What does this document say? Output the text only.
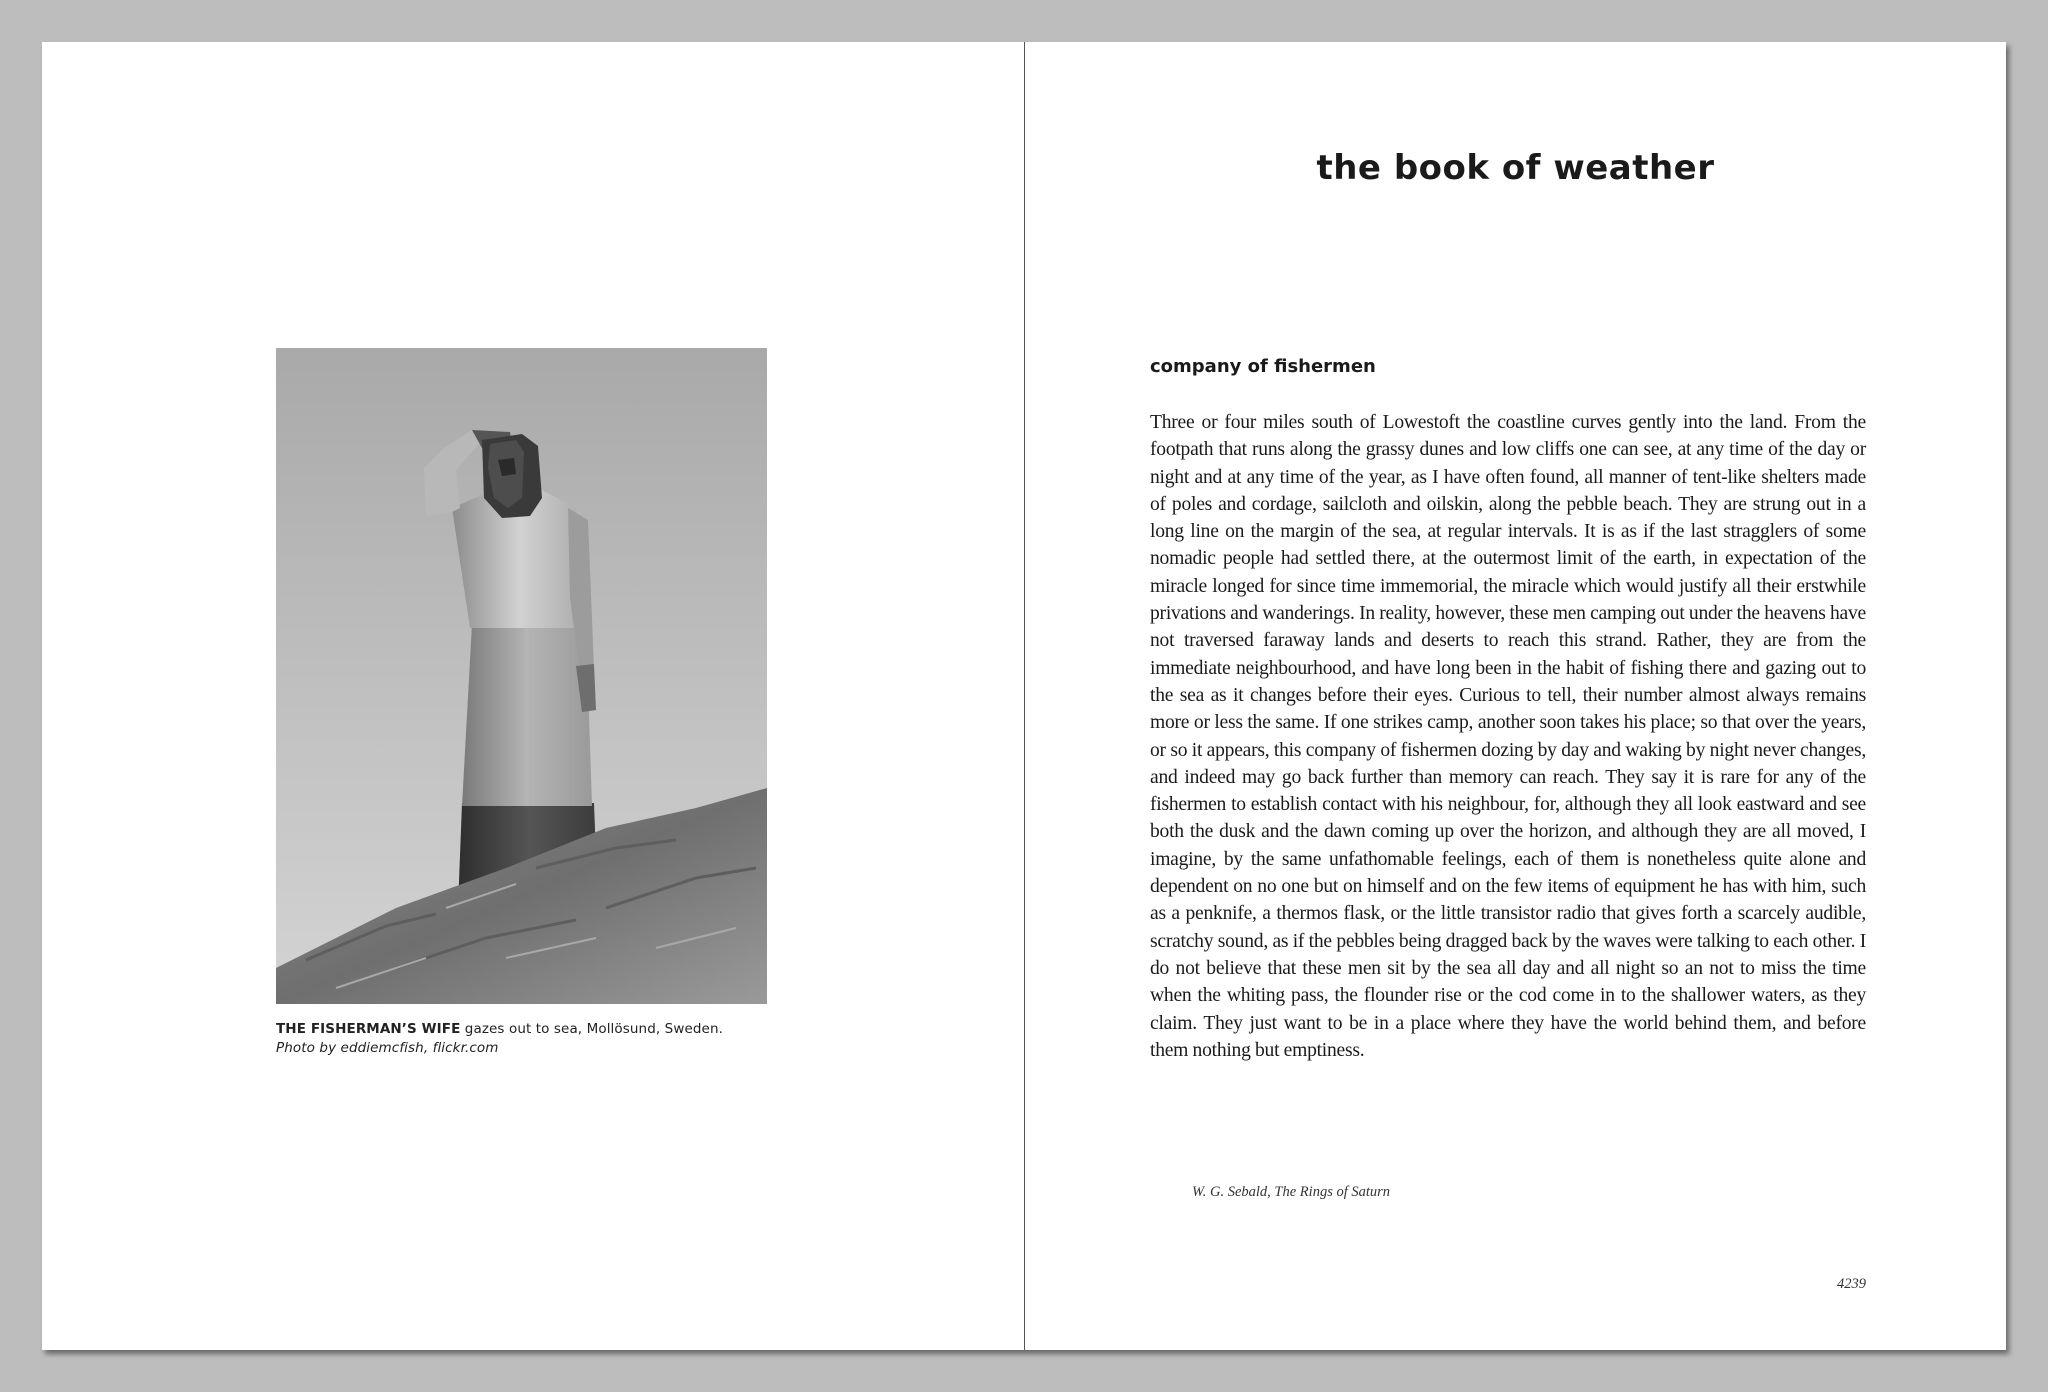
THE FISHERMAN’S WIFE gazes out to sea, Mollösund, Sweden.
Photo by eddiemcfish, flickr.com
the book of weather
company of fishermen

Three or four miles south of Lowestoft the coastline curves gently into the land. From the footpath that runs along the grassy dunes and low cliffs one can see, at any time of the day or night and at any time of the year, as I have often found, all manner of tent-like shelters made of poles and cordage, sailcloth and oilskin, along the pebble beach. They are strung out in a long line on the margin of the sea, at regular intervals. It is as if the last stragglers of some nomadic people had settled there, at the outermost limit of the earth, in expectation of the miracle longed for since time immemorial, the miracle which would justify all their erstwhile privations and wanderings. In reality, however, these men camping out under the heavens have not traversed faraway lands and deserts to reach this strand. Rather, they are from the immediate neighbourhood, and have long been in the habit of fishing there and gazing out to the sea as it changes before their eyes. Curious to tell, their number almost always remains more or less the same. If one strikes camp, another soon takes his place; so that over the years, or so it appears, this company of fishermen dozing by day and waking by night never changes, and indeed may go back further than memory can reach. They say it is rare for any of the fishermen to establish contact with his neighbour, for, although they all look eastward and see both the dusk and the dawn coming up over the horizon, and although they are all moved, I imagine, by the same unfathomable feelings, each of them is nonetheless quite alone and dependent on no one but on himself and on the few items of equipment he has with him, such as a penknife, a thermos flask, or the little transistor radio that gives forth a scarcely audible, scratchy sound, as if the pebbles being dragged back by the waves were talking to each other. I do not believe that these men sit by the sea all day and all night so an not to miss the time when the whiting pass, the flounder rise or the cod come in to the shallower waters, as they claim. They just want to be in a place where they have the world behind them, and before them nothing but emptiness.

W. G. Sebald, The Rings of Saturn
4239
